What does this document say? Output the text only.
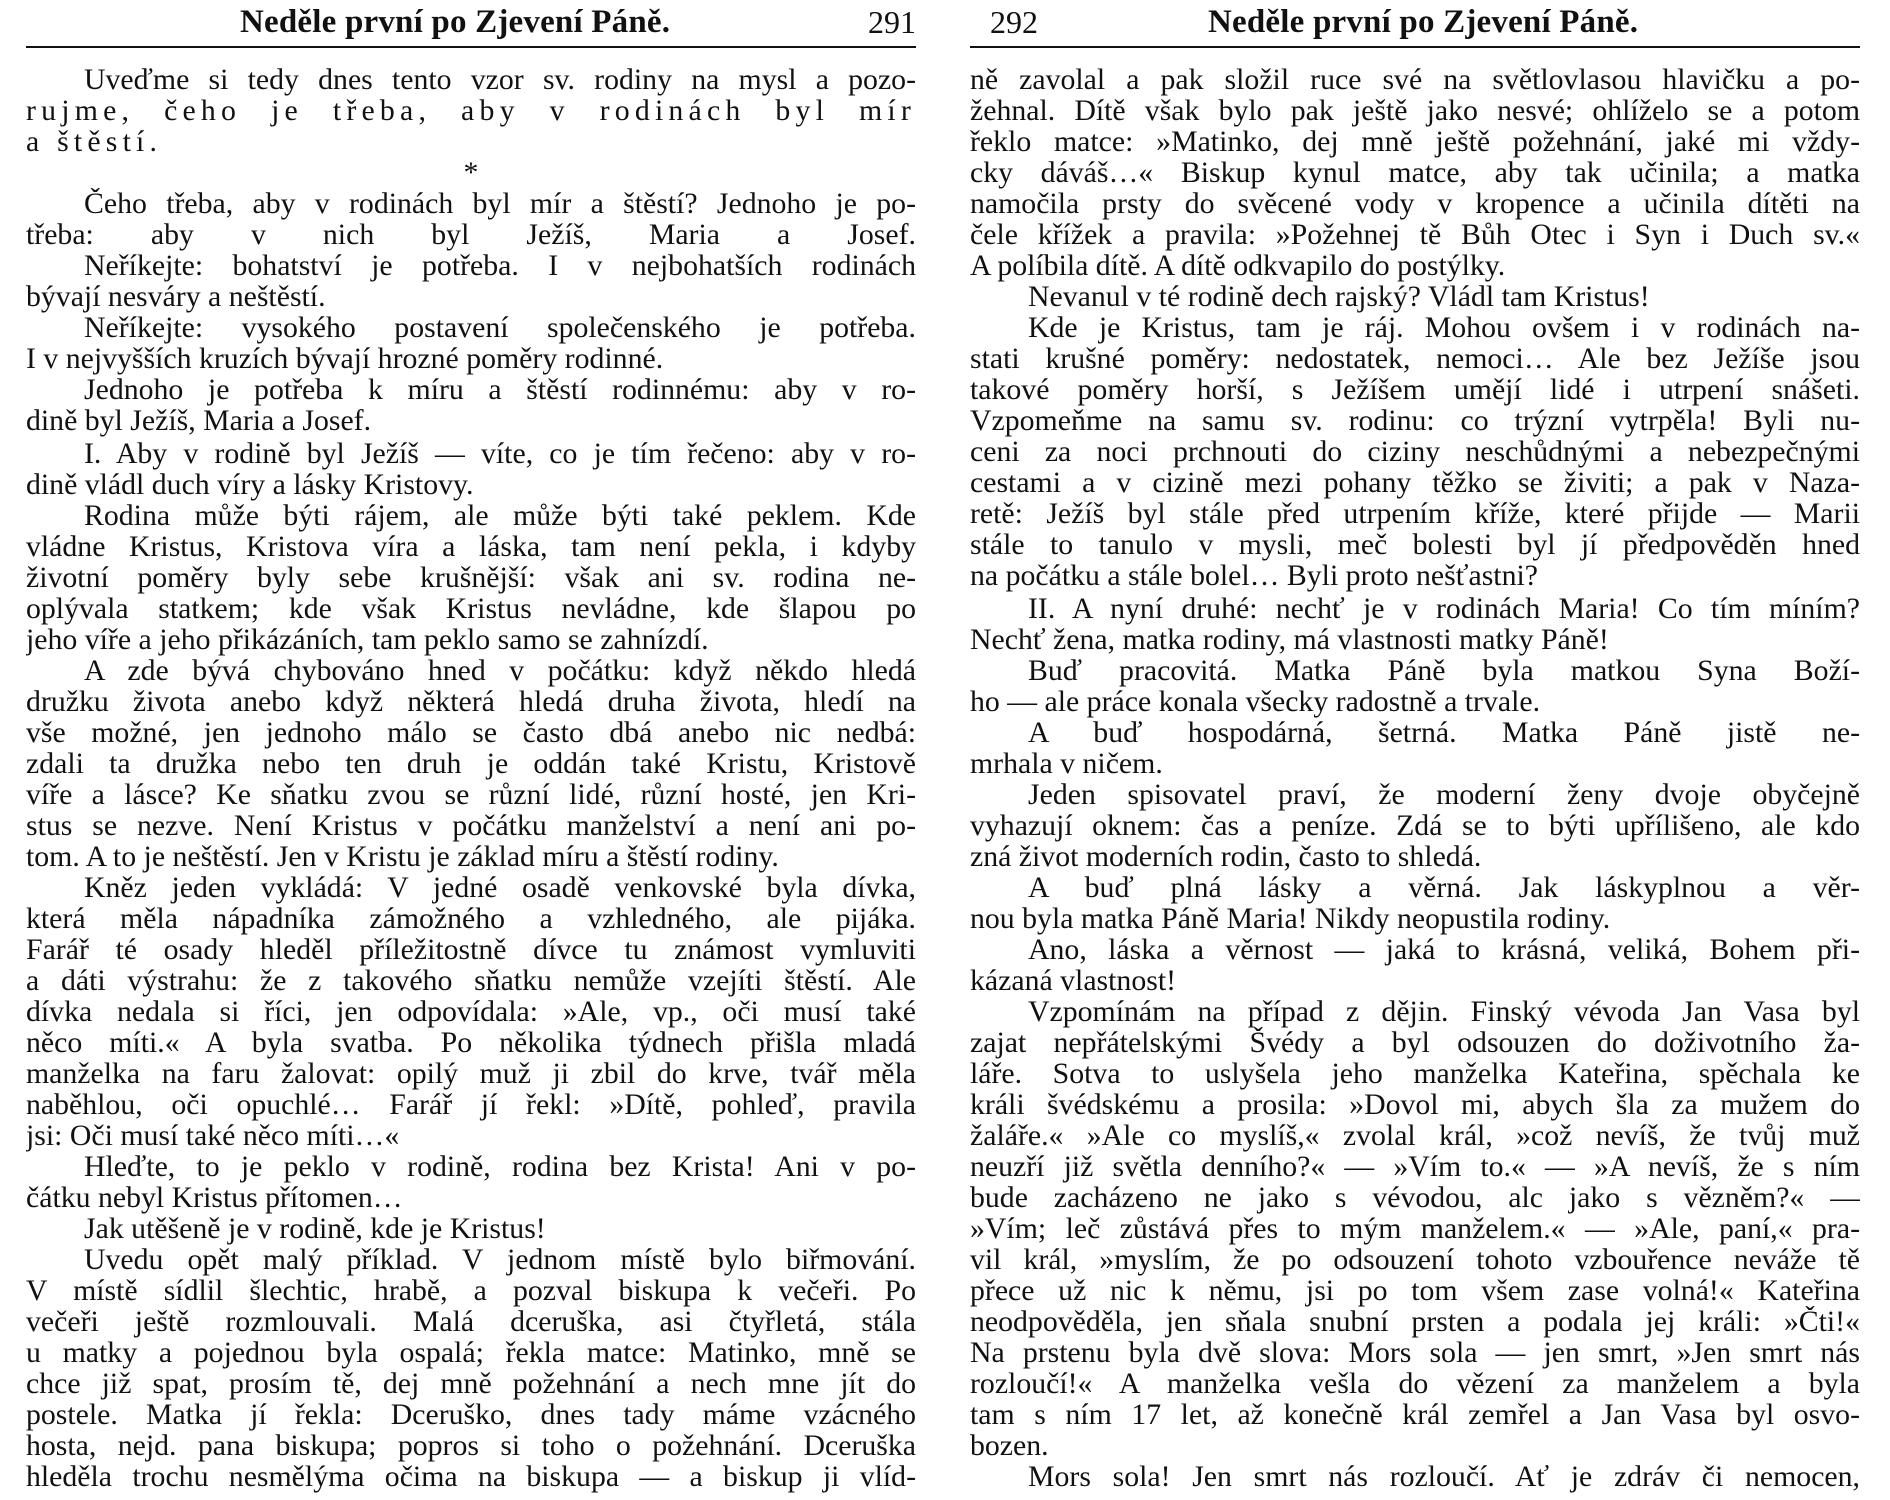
Neděle první po Zjevení Páně.	291
Uveďme si tedy dnes tento vzor sv. rodiny na mysl a pozo-
rujme, čeho je třeba, aby v rodinách byl mír
a štěstí.
*
Čeho třeba, aby v rodinách byl mír a štěstí? Jednoho je po-
třeba: aby v nich byl Ježíš, Maria a Josef.
Neříkejte: bohatství je potřeba. I v nejbohatších rodinách
bývají nesváry a neštěstí.
Neříkejte: vysokého postavení společenského je potřeba.
I v nejvyšších kruzích bývají hrozné poměry rodinné.
Jednoho je potřeba k míru a štěstí rodinnému: aby v ro-
dině byl Ježíš, Maria a Josef.
I. Aby v rodině byl Ježíš — víte, co je tím řečeno: aby v ro-
dině vládl duch víry a lásky Kristovy.
Rodina může býti rájem, ale může býti také peklem. Kde
vládne Kristus, Kristova víra a láska, tam není pekla, i kdyby
životní poměry byly sebe krušnější: však ani sv. rodina ne-
oplývala statkem; kde však Kristus nevládne, kde šlapou po
jeho víře a jeho přikázáních, tam peklo samo se zahnízdí.
A zde bývá chybováno hned v počátku: když někdo hledá
družku života anebo když některá hledá druha života, hledí na
vše možné, jen jednoho málo se často dbá anebo nic nedbá:
zdali ta družka nebo ten druh je oddán také Kristu, Kristově
víře a lásce? Ke sňatku zvou se různí lidé, různí hosté, jen Kri-
stus se nezve. Není Kristus v počátku manželství a není ani po-
tom. A to je neštěstí. Jen v Kristu je základ míru a štěstí rodiny.
Kněz jeden vykládá: V jedné osadě venkovské byla dívka,
která měla nápadníka zámožného a vzhledného, ale pijáka.
Farář té osady hleděl příležitostně dívce tu známost vymluviti
a dáti výstrahu: že z takového sňatku nemůže vzejíti štěstí. Ale
dívka nedala si říci, jen odpovídala: »Ale, vp., oči musí také
něco míti.« A byla svatba. Po několika týdnech přišla mladá
manželka na faru žalovat: opilý muž ji zbil do krve, tvář měla
naběhlou, oči opuchlé… Farář jí řekl: »Dítě, pohleď, pravila
jsi: Oči musí také něco míti…«
Hleďte, to je peklo v rodině, rodina bez Krista! Ani v po-
čátku nebyl Kristus přítomen…
Jak utěšeně je v rodině, kde je Kristus!
Uvedu opět malý příklad. V jednom místě bylo biřmování.
V místě sídlil šlechtic, hrabě, a pozval biskupa k večeři. Po
večeři ještě rozmlouvali. Malá dceruška, asi čtyřletá, stála
u matky a pojednou byla ospalá; řekla matce: Matinko, mně se
chce již spat, prosím tě, dej mně požehnání a nech mne jít do
postele. Matka jí řekla: Dceruško, dnes tady máme vzácného
hosta, nejd. pana biskupa; popros si toho o požehnání. Dceruška
hleděla trochu nesmělýma očima na biskupa — a biskup ji vlíd-
292	Neděle první po Zjevení Páně.
ně zavolal a pak složil ruce své na světlovlasou hlavičku a po-
žehnal. Dítě však bylo pak ještě jako nesvé; ohlíželo se a potom
řeklo matce: »Matinko, dej mně ještě požehnání, jaké mi vždy-
cky dáváš…« Biskup kynul matce, aby tak učinila; a matka
namočila prsty do svěcené vody v kropence a učinila dítěti na
čele křížek a pravila: »Požehnej tě Bůh Otec i Syn i Duch sv.«
A políbila dítě. A dítě odkvapilo do postýlky.
Nevanul v té rodině dech rajský? Vládl tam Kristus!
Kde je Kristus, tam je ráj. Mohou ovšem i v rodinách na-
stati krušné poměry: nedostatek, nemoci… Ale bez Ježíše jsou
takové poměry horší, s Ježíšem umějí lidé i utrpení snášeti.
Vzpomeňme na samu sv. rodinu: co trýzní vytrpěla! Byli nu-
ceni za noci prchnouti do ciziny neschůdnými a nebezpečnými
cestami a v cizině mezi pohany těžko se živiti; a pak v Naza-
retě: Ježíš byl stále před utrpením kříže, které přijde — Marii
stále to tanulo v mysli, meč bolesti byl jí předpověděn hned
na počátku a stále bolel… Byli proto nešťastni?
II. A nyní druhé: nechť je v rodinách Maria! Co tím míním?
Nechť žena, matka rodiny, má vlastnosti matky Páně!
Buď pracovitá. Matka Páně byla matkou Syna Boží-
ho — ale práce konala všecky radostně a trvale.
A buď hospodárná, šetrná. Matka Páně jistě ne-
mrhala v ničem.
Jeden spisovatel praví, že moderní ženy dvoje obyčejně
vyhazují oknem: čas a peníze. Zdá se to býti upřílišeno, ale kdo
zná život moderních rodin, často to shledá.
A buď plná lásky a věrná. Jak láskyplnou a věr-
nou byla matka Páně Maria! Nikdy neopustila rodiny.
Ano, láska a věrnost — jaká to krásná, veliká, Bohem při-
kázaná vlastnost!
Vzpomínám na případ z dějin. Finský vévoda Jan Vasa byl
zajat nepřátelskými Švédy a byl odsouzen do doživotního ža-
láře. Sotva to uslyšela jeho manželka Kateřina, spěchala ke
králi švédskému a prosila: »Dovol mi, abych šla za mužem do
žaláře.« »Ale co myslíš,« zvolal král, »což nevíš, že tvůj muž
neuzří již světla denního?« — »Vím to.« — »A nevíš, že s ním
bude zacházeno ne jako s vévodou, alc jako s vězněm?« —
»Vím; leč zůstává přes to mým manželem.« — »Ale, paní,« pra-
vil král, »myslím, že po odsouzení tohoto vzbouřence neváže tě
přece už nic k němu, jsi po tom všem zase volná!« Kateřina
neodpověděla, jen sňala snubní prsten a podala jej králi: »Čti!«
Na prstenu byla dvě slova: Mors sola — jen smrt, »Jen smrt nás
rozloučí!« A manželka vešla do vězení za manželem a byla
tam s ním 17 let, až konečně král zemřel a Jan Vasa byl osvo-
bozen.
Mors sola! Jen smrt nás rozloučí. Ať je zdráv či nemocen,
